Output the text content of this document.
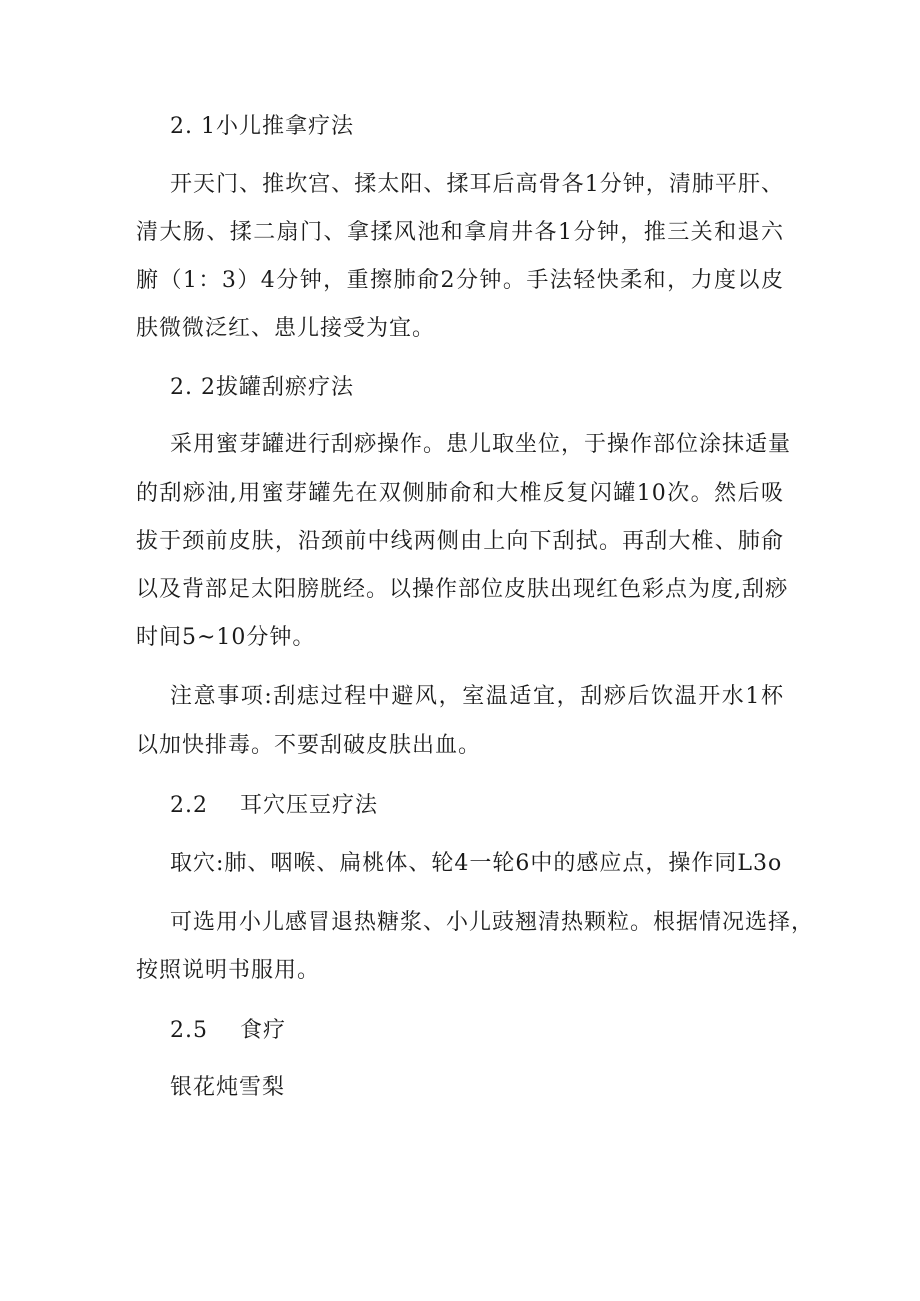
2. 1小儿推拿疗法
开天门、推坎宫、揉太阳、揉耳后高骨各1分钟，清肺平肝、
清大肠、揉二扇门、拿揉风池和拿肩井各1分钟，推三关和退六
腑（1：3）4分钟，重擦肺俞2分钟。手法轻快柔和，力度以皮
肤微微泛红、患儿接受为宜。
2. 2拔罐刮瘀疗法
采用蜜芽罐进行刮痧操作。患儿取坐位，于操作部位涂抹适量
的刮痧油,用蜜芽罐先在双侧肺俞和大椎反复闪罐10次。然后吸
拔于颈前皮肤，沿颈前中线两侧由上向下刮拭。再刮大椎、肺俞
以及背部足太阳膀胱经。以操作部位皮肤出现红色彩点为度,刮痧
时间5~10分钟。
注意事项:刮痣过程中避风，室温适宜，刮痧后饮温开水1杯
以加快排毒。不要刮破皮肤出血。
2.2    耳穴压豆疗法
取穴:肺、咽喉、扁桃体、轮4一轮6中的感应点，操作同L3o
可选用小儿感冒退热糖浆、小儿豉翘清热颗粒。根据情况选择，
按照说明书服用。
2.5    食疗
银花炖雪梨
